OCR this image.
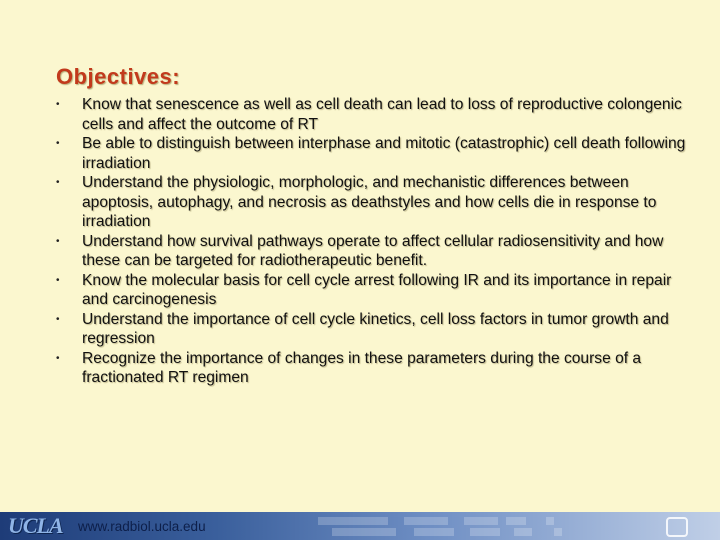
Objectives:
•	Know that senescence as well as cell death can lead to loss of reproductive colongenic cells and affect the outcome of RT
•	Be able to distinguish between interphase and mitotic (catastrophic) cell death following irradiation
•	Understand the physiologic, morphologic, and mechanistic differences between apoptosis, autophagy, and necrosis as deathstyles and how cells die in response to irradiation
•	Understand how survival pathways operate to affect cellular radiosensitivity and how these can be targeted for radiotherapeutic benefit.
•	Know the molecular basis for cell cycle arrest following IR and its importance in repair and carcinogenesis
•	Understand the importance of cell cycle kinetics, cell loss factors in tumor growth and regression
•	Recognize the importance of changes in these parameters during the course of a fractionated RT regimen
UCLA www.radbiol.ucla.edu
